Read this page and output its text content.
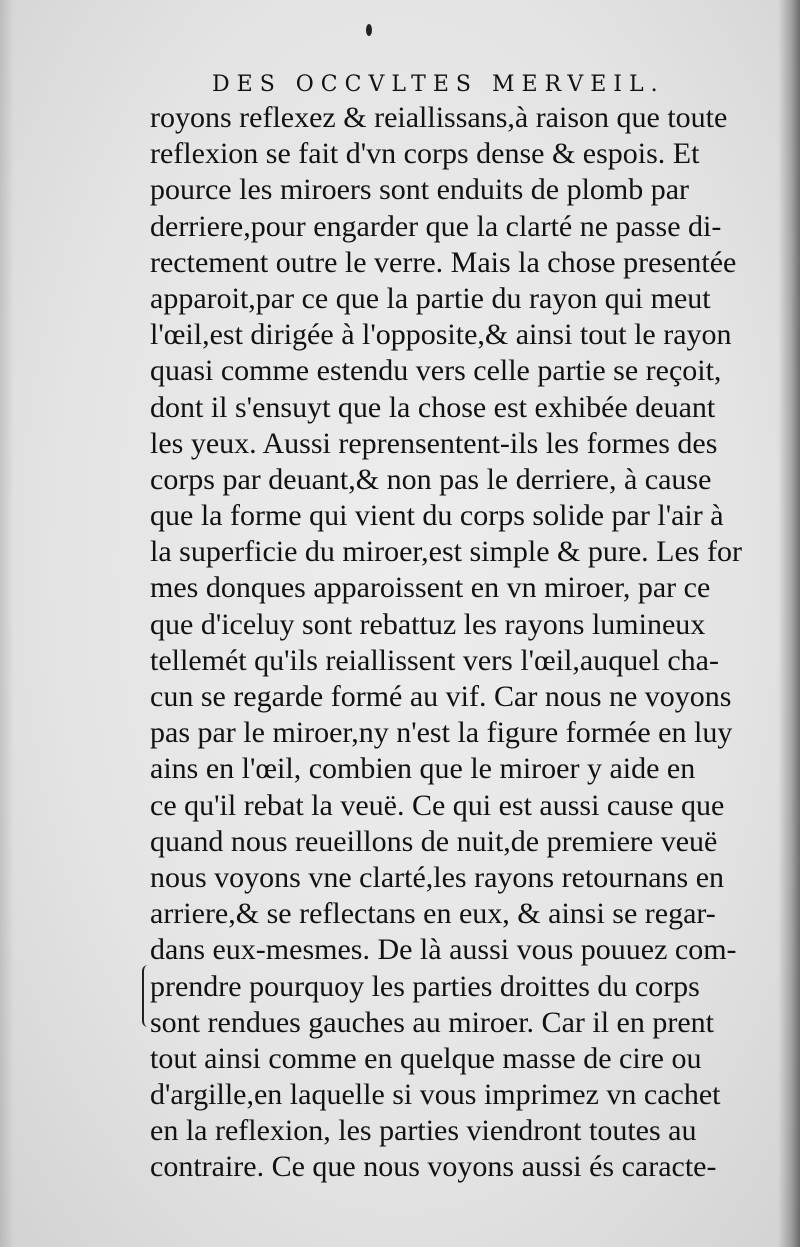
DES OCCVLTES MERVEIL.
royons reflexez & reiallissans,à raison que toute
reflexion se fait d'vn corps dense & espois. Et
pource les miroers sont enduits de plomb par
derriere,pour engarder que la clarté ne passe di-
rectement outre le verre. Mais la chose presentée
apparoit,par ce que la partie du rayon qui meut
l'œil,est dirigée à l'opposite,& ainsi tout le rayon
quasi comme estendu vers celle partie se reçoit,
dont il s'ensuyt que la chose est exhibée deuant
les yeux. Aussi reprensentent-ils les formes des
corps par deuant,& non pas le derriere, à cause
que la forme qui vient du corps solide par l'air à
la superficie du miroer,est simple & pure. Les for
mes donques apparoissent en vn miroer, par ce
que d'iceluy sont rebattuz les rayons lumineux
tellemét qu'ils reiallissent vers l'œil,auquel cha-
cun se regarde formé au vif. Car nous ne voyons
pas par le miroer,ny n'est la figure formée en luy
ains en l'œil, combien que le miroer y aide en
ce qu'il rebat la veuë. Ce qui est aussi cause que
quand nous reueillons de nuit,de premiere veuë
nous voyons vne clarté,les rayons retournans en
arriere,& se reflectans en eux, & ainsi se regar-
dans eux-mesmes. De là aussi vous pouuez com-
prendre pourquoy les parties droittes du corps
sont rendues gauches au miroer. Car il en prent
tout ainsi comme en quelque masse de cire ou
d'argille,en laquelle si vous imprimez vn cachet
en la reflexion, les parties viendront toutes au
contraire. Ce que nous voyons aussi és caracte-
